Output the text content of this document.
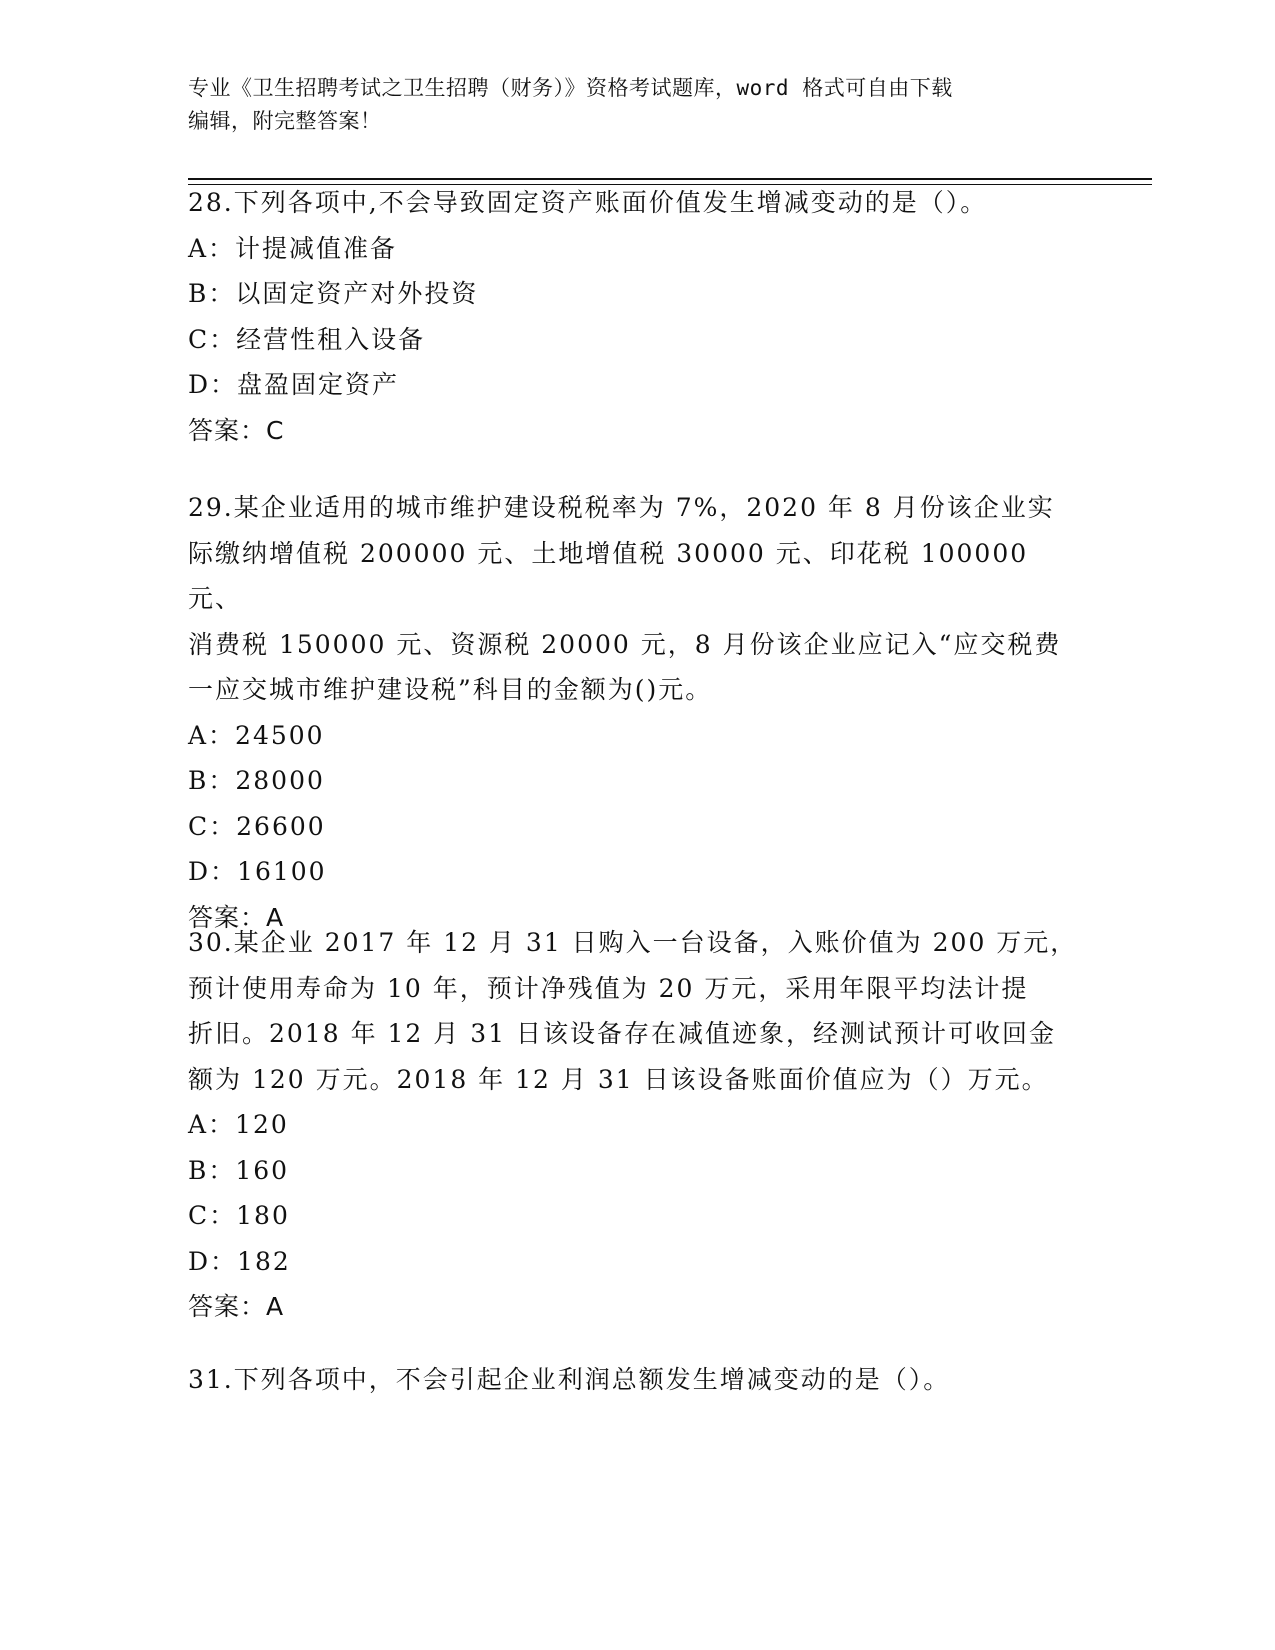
专业《卫生招聘考试之卫生招聘（财务）》资格考试题库，word 格式可自由下载
编辑，附完整答案！

28.下列各项中,不会导致固定资产账面价值发生增减变动的是（）。

A：计提减值准备

B：以固定资产对外投资

C：经营性租入设备

D：盘盈固定资产

答案：C

29.某企业适用的城市维护建设税税率为 7%，2020 年 8 月份该企业实

际缴纳增值税 200000 元、土地增值税 30000 元、印花税 100000 元、

消费税 150000 元、资源税 20000 元，8 月份该企业应记入“应交税费

一应交城市维护建设税”科目的金额为()元。

A：24500

B：28000

C：26600

D：16100

答案：A

30.某企业 2017 年 12 月 31 日购入一台设备，入账价值为 200 万元，

预计使用寿命为 10 年，预计净残值为 20 万元，采用年限平均法计提

折旧。2018 年 12 月 31 日该设备存在减值迹象，经测试预计可收回金

额为 120 万元。2018 年 12 月 31 日该设备账面价值应为（）万元。

A：120

B：160

C：180

D：182

答案：A

31.下列各项中，不会引起企业利润总额发生增减变动的是（）。
